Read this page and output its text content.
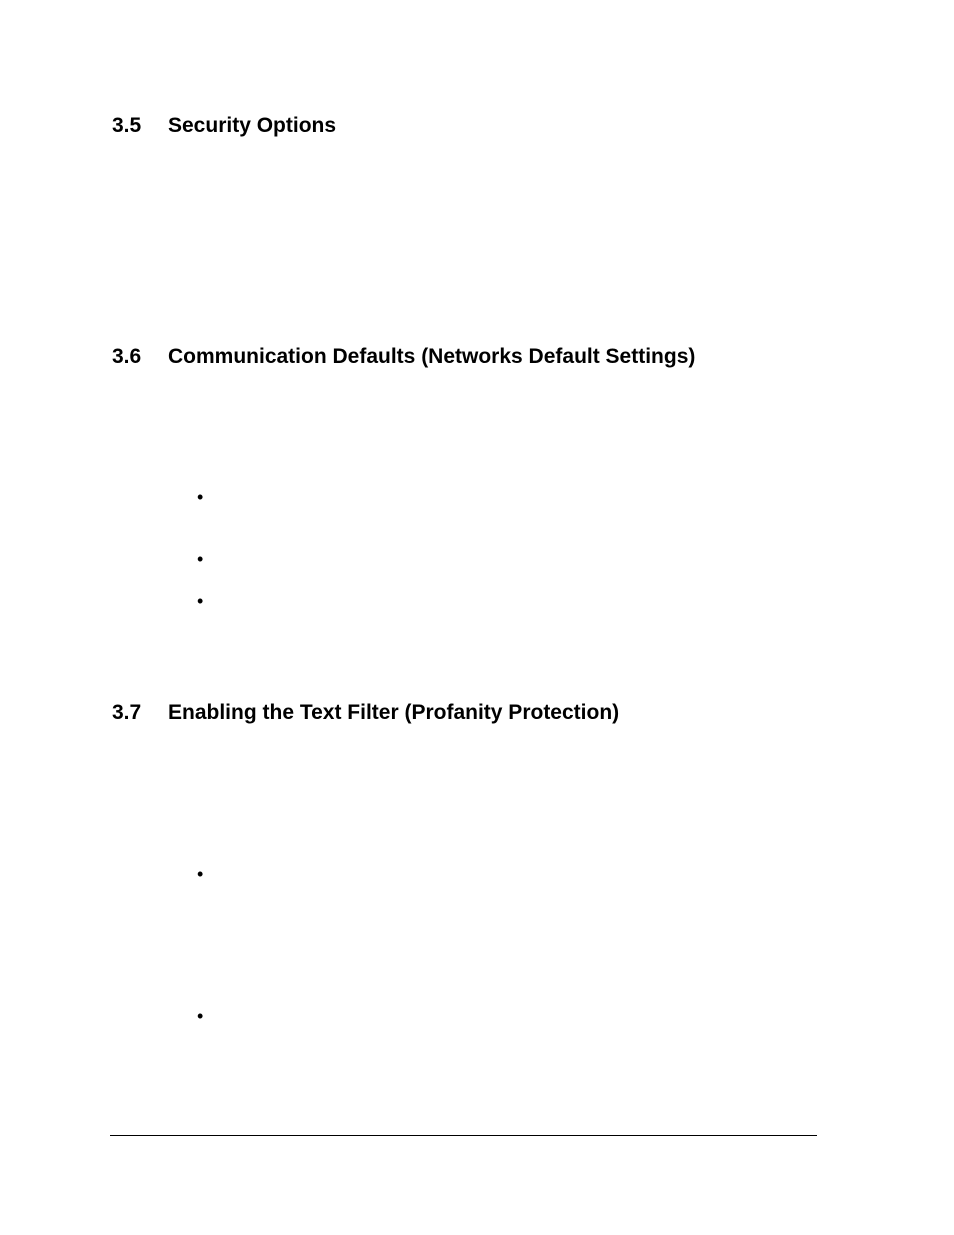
3.5 Security Options
3.6 Communication Defaults (Networks Default Settings)
•
•
•
3.7 Enabling the Text Filter (Profanity Protection)
•
•
